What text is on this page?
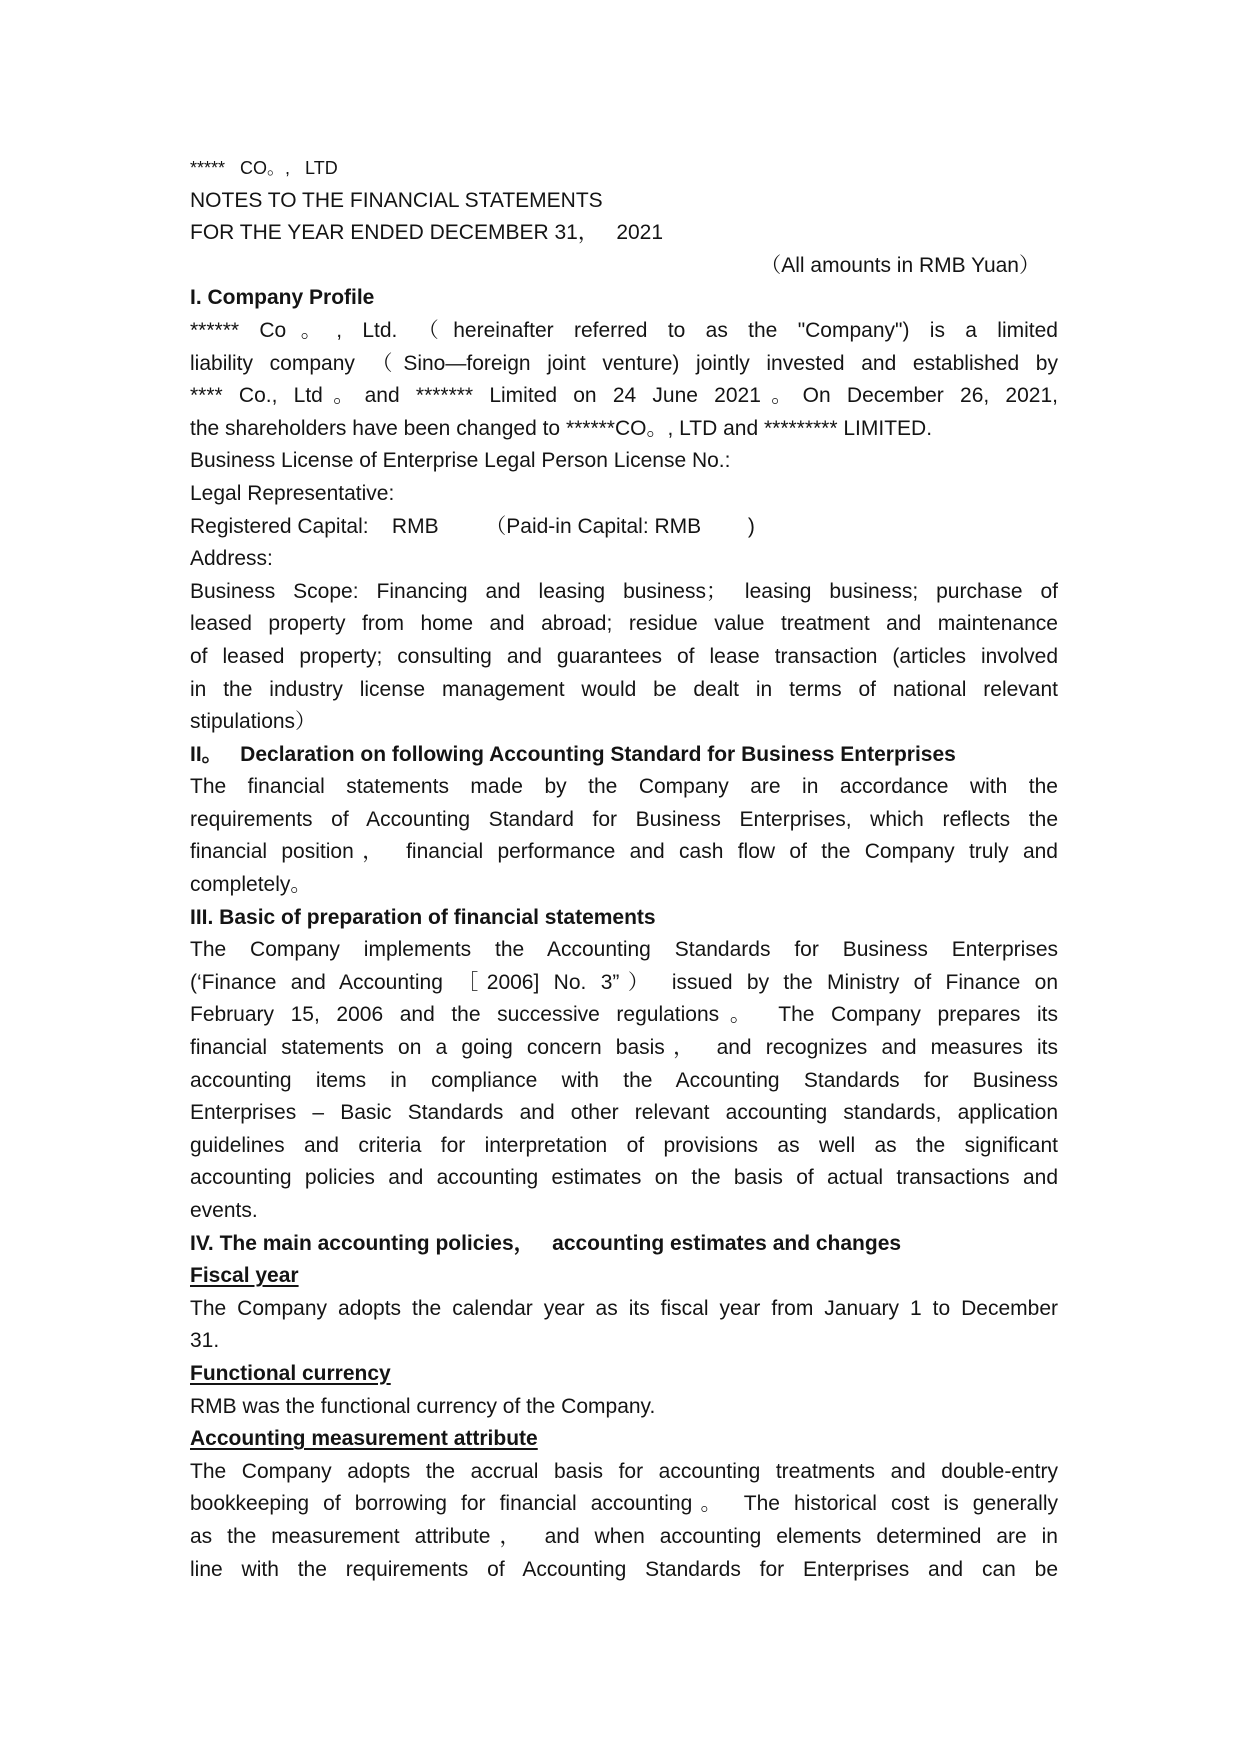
*****   CO。,   LTD
NOTES TO THE FINANCIAL STATEMENTS
FOR THE YEAR ENDED DECEMBER 31，   2021
（All amounts in RMB Yuan）
I. Company Profile
****** Co。, Ltd. （hereinafter referred to as the "Company") is a limited
liability company （Sino—foreign joint venture) jointly invested and established by
**** Co., Ltd。and ******* Limited on 24 June 2021。On December 26, 2021,
the shareholders have been changed to ******CO。, LTD and ********* LIMITED.
Business License of Enterprise Legal Person License No.:
Legal Representative:
Registered Capital:    RMB        （Paid-in Capital: RMB        )
Address:
Business Scope: Financing and leasing business； leasing business; purchase of
leased property from home and abroad; residue value treatment and maintenance
of leased property; consulting and guarantees of lease transaction (articles involved
in the industry license management would be dealt in terms of national relevant
stipulations）
II。   Declaration on following Accounting Standard for Business Enterprises
The financial statements made by the Company are in accordance with the
requirements of Accounting Standard for Business Enterprises, which reflects the
financial position， financial performance and cash flow of the Company truly and
completely。
III. Basic of preparation of financial statements
The Company implements the Accounting Standards for Business Enterprises
(‘Finance and Accounting ［2006] No. 3”） issued by the Ministry of Finance on
February 15, 2006 and the successive regulations。 The Company prepares its
financial statements on a going concern basis， and recognizes and measures its
accounting items in compliance with the Accounting Standards for Business
Enterprises – Basic Standards and other relevant accounting standards, application
guidelines and criteria for interpretation of provisions as well as the significant
accounting policies and accounting estimates on the basis of actual transactions and
events.
IV. The main accounting policies，   accounting estimates and changes
Fiscal year
The Company adopts the calendar year as its fiscal year from January 1 to December
31.
Functional currency
RMB was the functional currency of the Company.
Accounting measurement attribute
The Company adopts the accrual basis for accounting treatments and double-entry
bookkeeping of borrowing for financial accounting。 The historical cost is generally
as the measurement attribute， and when accounting elements determined are in
line with the requirements of Accounting Standards for Enterprises and can be
